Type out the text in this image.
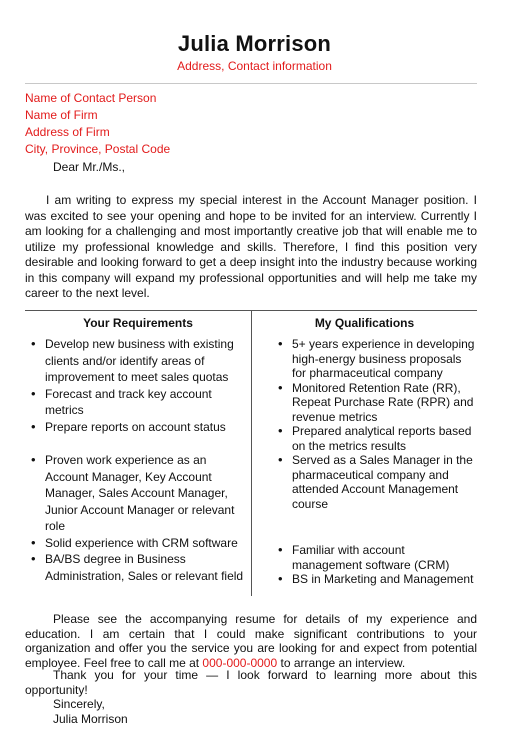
Julia Morrison
Address, Contact information
Name of Contact Person
Name of Firm
Address of Firm
City, Province, Postal Code
Dear Mr./Ms.,
I am writing to express my special interest in the Account Manager position. I was excited to see your opening and hope to be invited for an interview. Currently I am looking for a challenging and most importantly creative job that will enable me to utilize my professional knowledge and skills. Therefore, I find this position very desirable and looking forward to get a deep insight into the industry because working in this company will expand my professional opportunities and will help me take my career to the next level.
Your Requirements	My Qualifications
• Develop new business with existing clients and/or identify areas of improvement to meet sales quotas
• Forecast and track key account metrics
• Prepare reports on account status
• Proven work experience as an Account Manager, Key Account Manager, Sales Account Manager, Junior Account Manager or relevant role
• Solid experience with CRM software
• BA/BS degree in Business Administration, Sales or relevant field
• 5+ years experience in developing high-energy business proposals for pharmaceutical company
• Monitored Retention Rate (RR), Repeat Purchase Rate (RPR) and revenue metrics
• Prepared analytical reports based on the metrics results
• Served as a Sales Manager in the pharmaceutical company and attended Account Management course
• Familiar with account management software (CRM)
• BS in Marketing and Management
Please see the accompanying resume for details of my experience and education. I am certain that I could make significant contributions to your organization and offer you the service you are looking for and expect from potential employee. Feel free to call me at 000-000-0000 to arrange an interview.
Thank you for your time — I look forward to learning more about this opportunity!
Sincerely,
Julia Morrison
